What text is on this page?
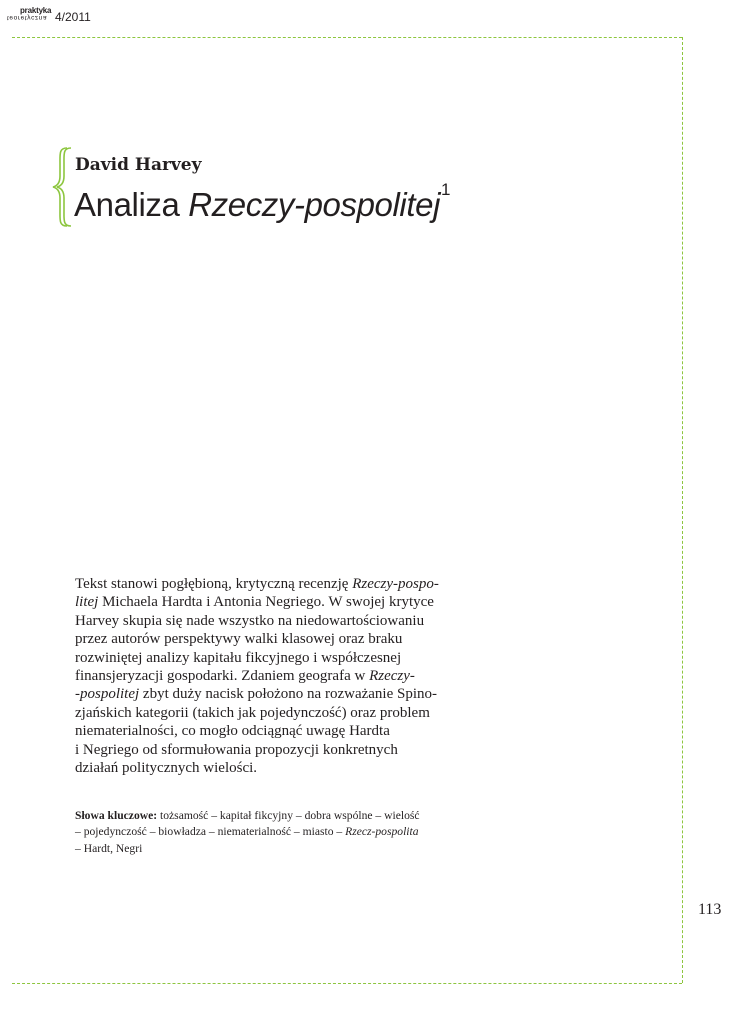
praktyka
teoretyczna 4/2011
David Harvey
Analiza Rzeczy-pospolitej$^1$
Tekst stanowi pogłębioną, krytyczną recenzję Rzeczy-pospo-
litej Michaela Hardta i Antonia Negriego. W swojej krytyce
Harvey skupia się nade wszystko na niedowartościowaniu
przez autorów perspektywy walki klasowej oraz braku
rozwiniętej analizy kapitału fikcyjnego i współczesnej
finansjeryzacji gospodarki. Zdaniem geografa w Rzeczy-
-pospolitej zbyt duży nacisk położono na rozważanie Spino-
zjańskich kategorii (takich jak pojedynczość) oraz problem
niematerialności, co mogło odciągnąć uwagę Hardta
i Negriego od sformułowania propozycji konkretnych
działań politycznych wielości.
Słowa kluczowe: tożsamość – kapitał fikcyjny – dobra wspólne – wielość
– pojedynczość – biowładza – niematerialność – miasto – Rzecz-pospolita
– Hardt, Negri
113
